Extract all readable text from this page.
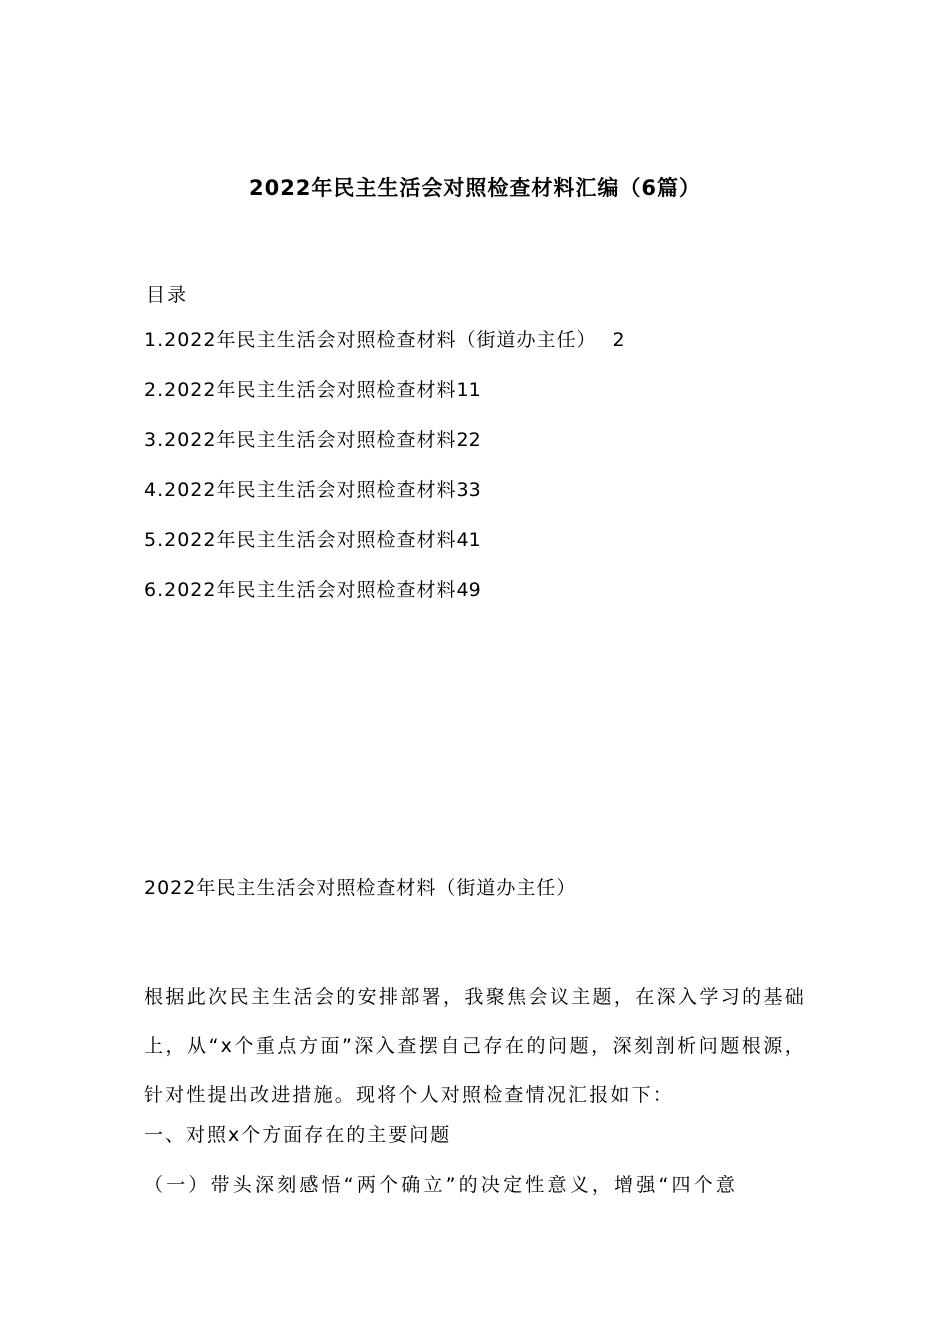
2022年民主生活会对照检查材料汇编（6篇）
目录
1.2022年民主生活会对照检查材料（街道办主任） 2
2.2022年民主生活会对照检查材料11
3.2022年民主生活会对照检查材料22
4.2022年民主生活会对照检查材料33
5.2022年民主生活会对照检查材料41
6.2022年民主生活会对照检查材料49
2022年民主生活会对照检查材料（街道办主任）

根据此次民主生活会的安排部署，我聚焦会议主题，在深入学习的基础上，从“x个重点方面”深入查摆自己存在的问题，深刻剖析问题根源，针对性提出改进措施。现将个人对照检查情况汇报如下：

一、对照x个方面存在的主要问题
（一）带头深刻感悟“两个确立”的决定性意义，增强“四个意
